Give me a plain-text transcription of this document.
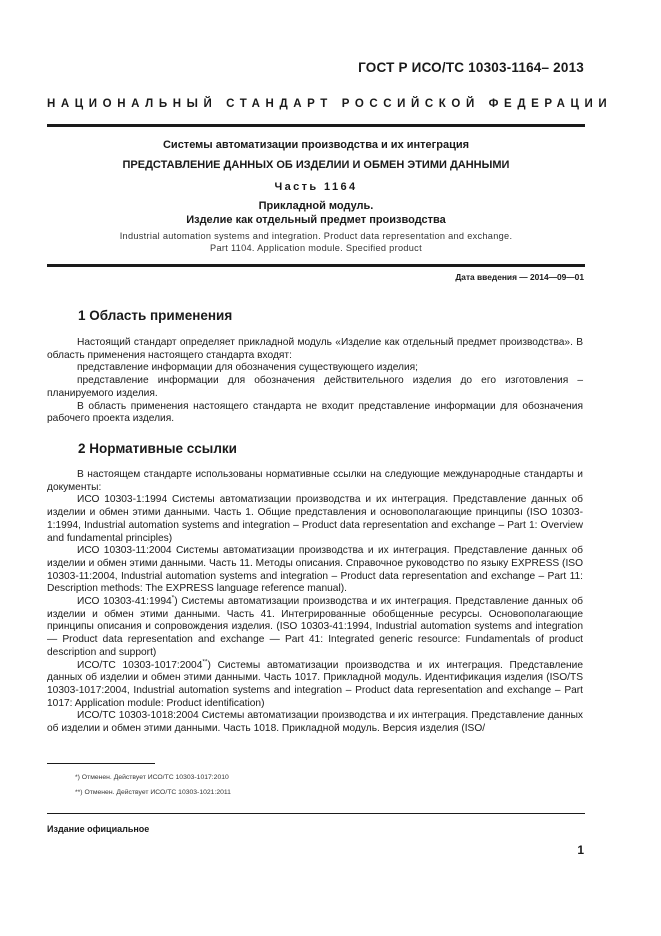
ГОСТ Р ИСО/ТС 10303-1164– 2013
НАЦИОНАЛЬНЫЙ СТАНДАРТ РОССИЙСКОЙ ФЕДЕРАЦИИ
Системы автоматизации производства и их интеграция
ПРЕДСТАВЛЕНИЕ ДАННЫХ ОБ ИЗДЕЛИИ И ОБМЕН ЭТИМИ ДАННЫМИ
Часть 1164
Прикладной модуль.
Изделие как отдельный предмет производства
Industrial automation systems and integration. Product data representation and exchange.
Part 1104. Application module. Specified product
Дата введения — 2014—09—01
1 Область применения

Настоящий стандарт определяет прикладной модуль «Изделие как отдельный предмет производства». В область применения настоящего стандарта входят:

представление информации для обозначения существующего изделия;

представление информации для обозначения действительного изделия до его изготовления – планируемого изделия.

В область применения настоящего стандарта не входит представление информации для обозначения рабочего проекта изделия.

2 Нормативные ссылки

В настоящем стандарте использованы нормативные ссылки на следующие международные стандарты и документы:

ИСО 10303-1:1994 Системы автоматизации производства и их интеграция. Представление данных об изделии и обмен этими данными. Часть 1. Общие представления и основополагающие принципы (ISO 10303-1:1994, Industrial automation systems and integration – Product data representation and exchange – Part 1: Overview and fundamental principles)

ИСО 10303-11:2004 Системы автоматизации производства и их интеграция. Представление данных об изделии и обмен этими данными. Часть 11. Методы описания. Справочное руководство по языку EXPRESS (ISO 10303-11:2004, Industrial automation systems and integration – Product data representation and exchange – Part 11: Description methods: The EXPRESS language reference manual).

ИСО 10303-41:1994*) Системы автоматизации производства и их интеграция. Представление данных об изделии и обмен этими данными. Часть 41. Интегрированные обобщенные ресурсы. Основополагающие принципы описания и сопровождения изделия. (ISO 10303-41:1994, Industrial automation systems and integration — Product data representation and exchange — Part 41: Integrated generic resource: Fundamentals of product description and support)

ИСО/ТС 10303-1017:2004**) Системы автоматизации производства и их интеграция. Представление данных об изделии и обмен этими данными. Часть 1017. Прикладной модуль. Идентификация изделия (ISO/TS 10303-1017:2004, Industrial automation systems and integration – Product data representation and exchange – Part 1017: Application module: Product identification)

ИСО/ТС 10303-1018:2004 Системы автоматизации производства и их интеграция. Представление данных об изделии и обмен этими данными. Часть 1018. Прикладной модуль. Версия изделия (ISO/

*) Отменен. Действует ИСО/ТС 10303-1017:2010
**) Отменен. Действует ИСО/ТС 10303-1021:2011
Издание официальное
1
